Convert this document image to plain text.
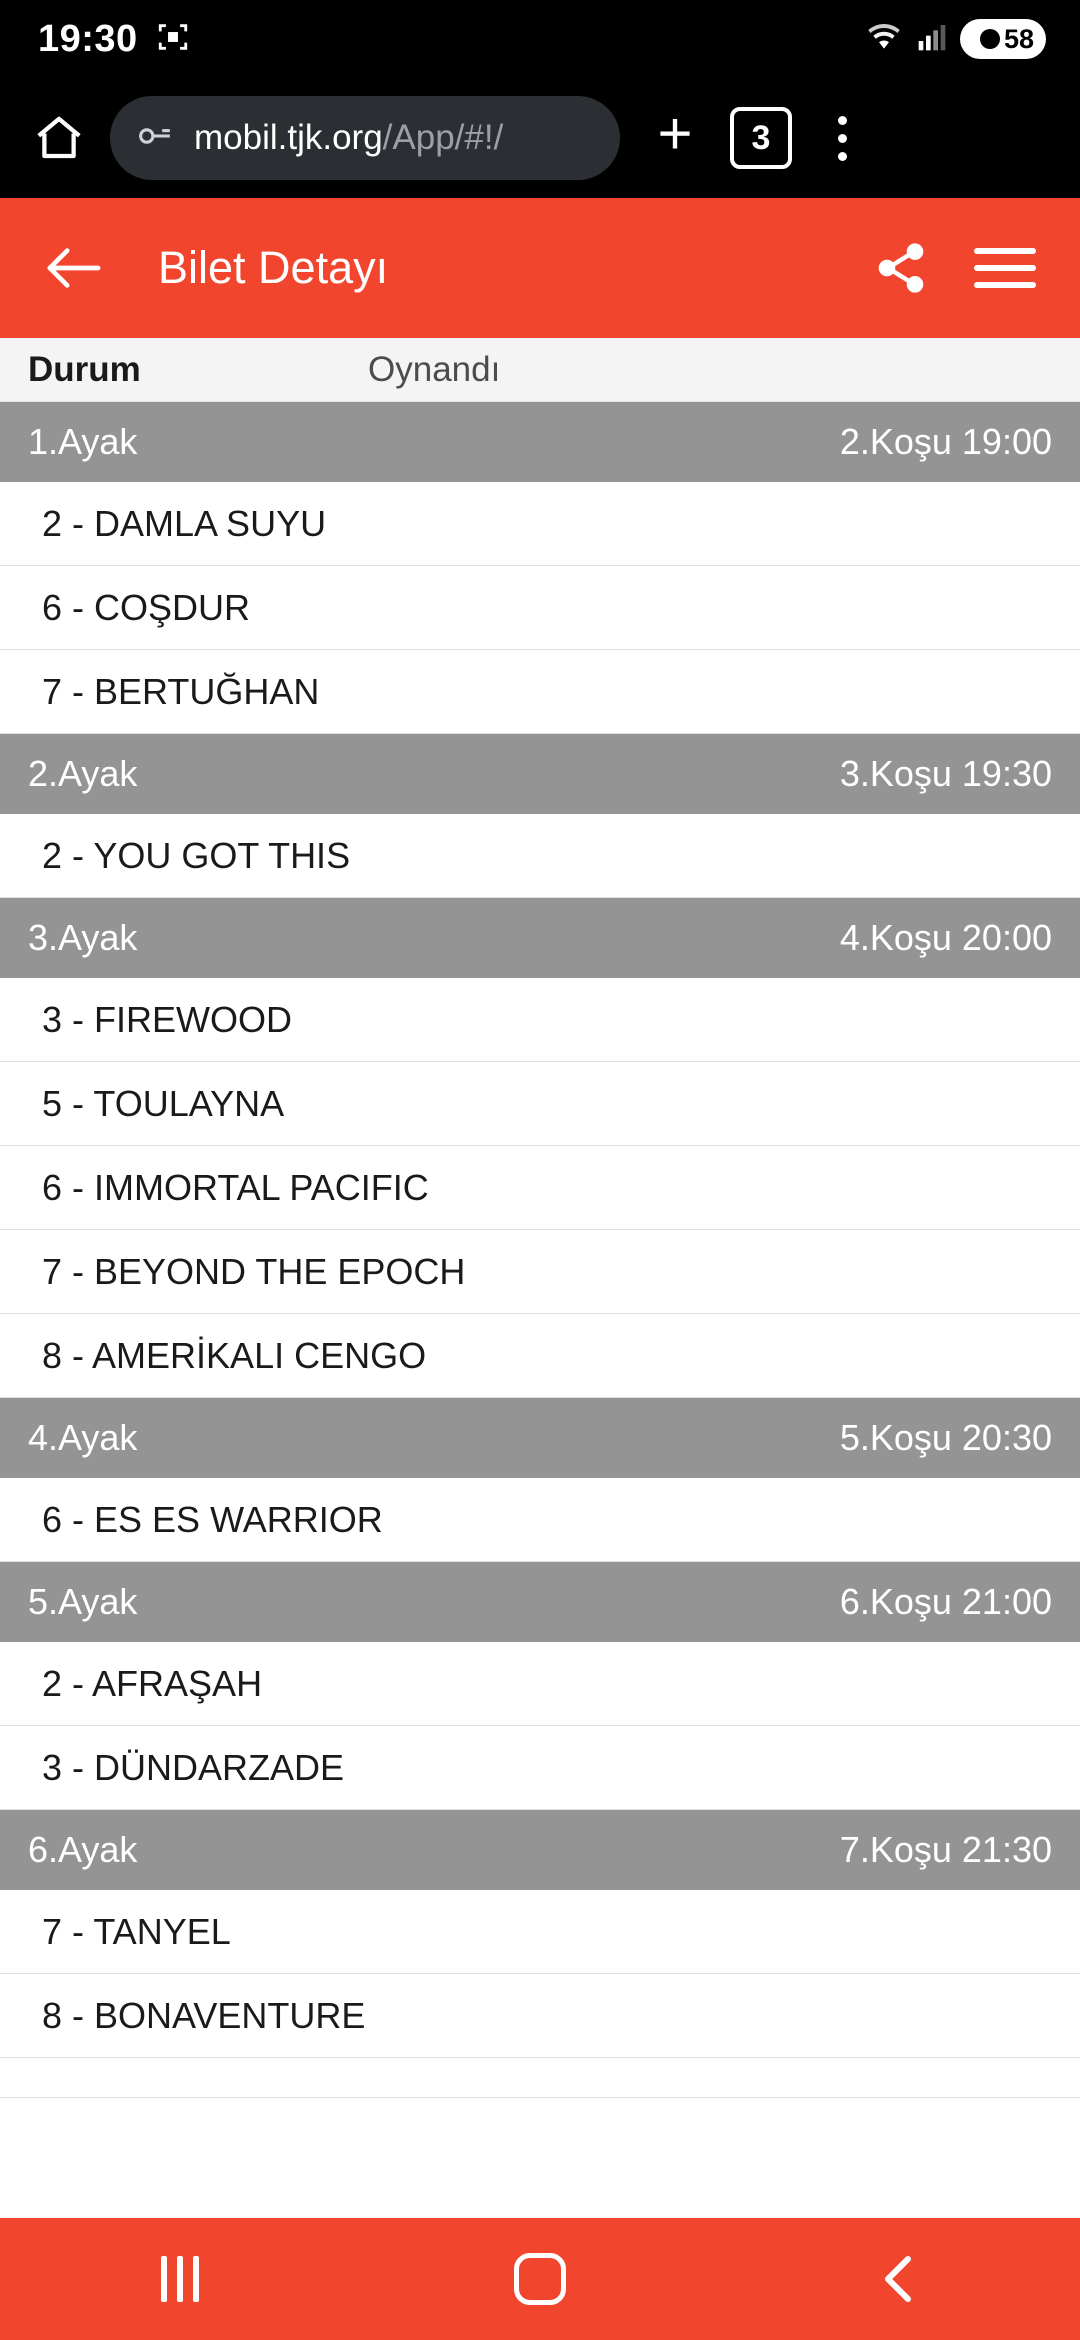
19:30	58
mobil.tjk.org/App/#!/	+	3
Bilet Detayı
Durum	Oynandı
1.Ayak	2.Koşu 19:00
2 - DAMLA SUYU
6 - COŞDUR
7 - BERTUĞHAN
2.Ayak	3.Koşu 19:30
2 - YOU GOT THIS
3.Ayak	4.Koşu 20:00
3 - FIREWOOD
5 - TOULAYNA
6 - IMMORTAL PACIFIC
7 - BEYOND THE EPOCH
8 - AMERİKALI CENGO
4.Ayak	5.Koşu 20:30
6 - ES ES WARRIOR
5.Ayak	6.Koşu 21:00
2 - AFRAŞAH
3 - DÜNDARZADE
6.Ayak	7.Koşu 21:30
7 - TANYEL
8 - BONAVENTURE
